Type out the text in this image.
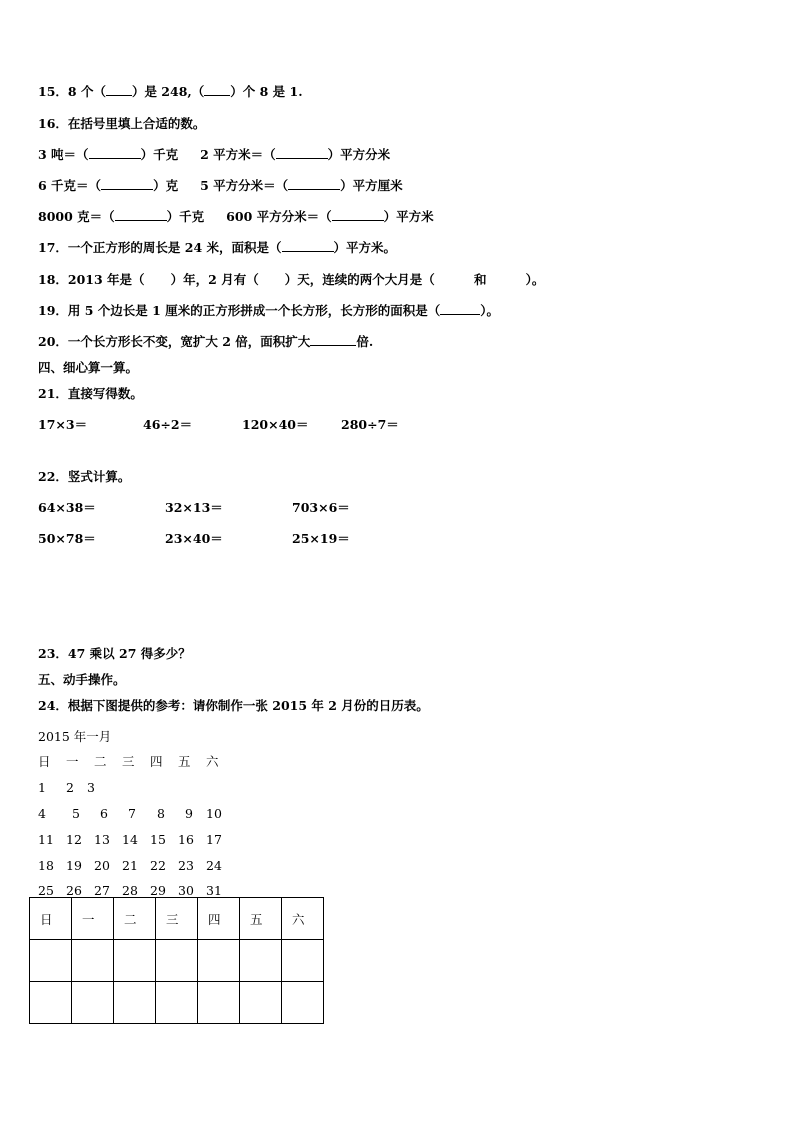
15．8 个（ ）是 248,（ ）个 8 是 1.
16．在括号里填上合适的数。
3 吨＝（	）千克 2 平方米＝（	）平方分米
6 千克＝（	）克 5 平方分米＝（	）平方厘米
8000 克＝（	）千克 600 平方分米＝（	）平方米
17．一个正方形的周长是 24 米，面积是（	）平方米。
18．2013 年是（      ）年，2 月有（      ）天，连续的两个大月是（         和         ）。
19．用 5 个边长是 1 厘米的正方形拼成一个长方形，长方形的面积是（	）。
20．一个长方形长不变，宽扩大 2 倍，面积扩大	倍.
四、细心算一算。
21．直接写得数。
17×3＝	46÷2＝	120×40＝	280÷7＝
22．竖式计算。
64×38＝	32×13＝	703×6＝
50×78＝	23×40＝	25×19＝
23．47 乘以 27 得多少？
五、动手操作。
24．根据下图提供的参考：请你制作一张 2015 年 2 月份的日历表。
2015 年一月
日 一 二 三 四 五 六
1 2 3
4 5 6 7 8 9 10
11 12 13 14 15 16 17
18 19 20 21 22 23 24
25 26 27 28 29 30 31
日	一	二	三	四	五	六
